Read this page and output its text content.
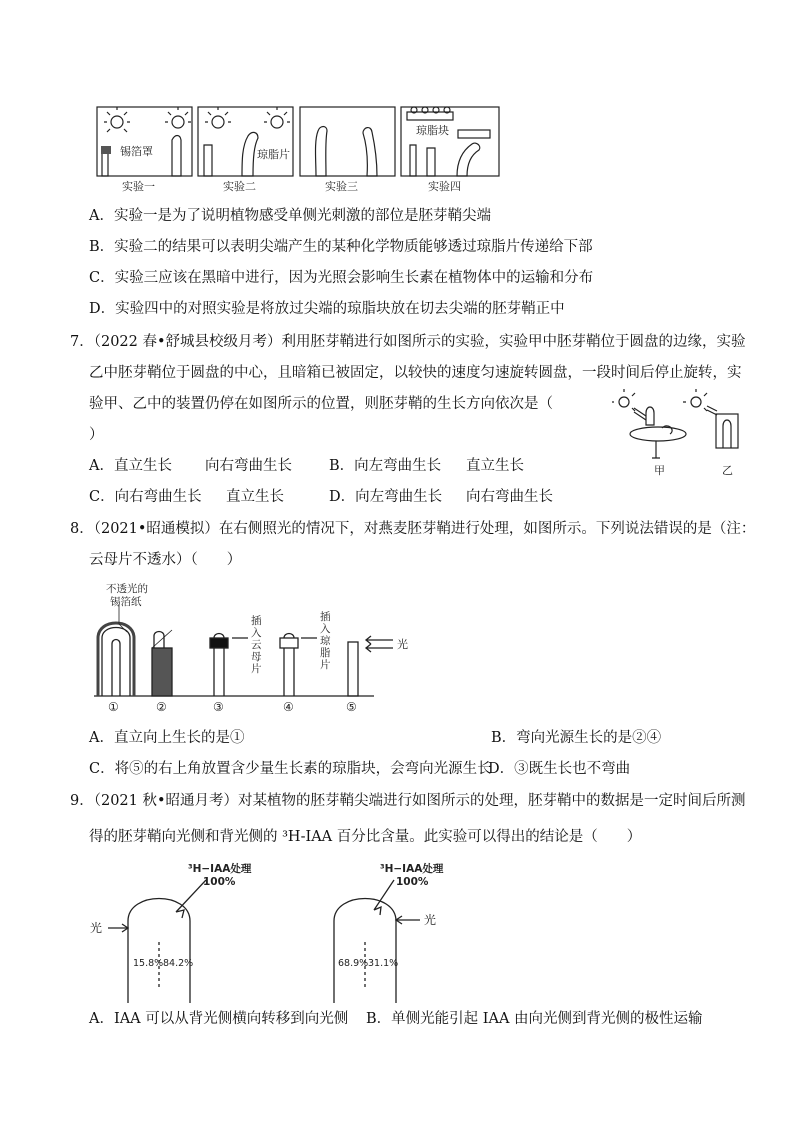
锡箔罩	琼脂片
琼脂块
实验一	实验二	实验三	实验四
A．实验一是为了说明植物感受单侧光刺激的部位是胚芽鞘尖端
B．实验二的结果可以表明尖端产生的某种化学物质能够透过琼脂片传递给下部
C．实验三应该在黑暗中进行，因为光照会影响生长素在植物体中的运输和分布
D．实验四中的对照实验是将放过尖端的琼脂块放在切去尖端的胚芽鞘正中
7．（2022 春•舒城县校级月考）利用胚芽鞘进行如图所示的实验，实验甲中胚芽鞘位于圆盘的边缘，实验
乙中胚芽鞘位于圆盘的中心，且暗箱已被固定，以较快的速度匀速旋转圆盘，一段时间后停止旋转，实
验甲、乙中的装置仍停在如图所示的位置，则胚芽鞘的生长方向依次是（
）
甲	乙
A．直立生长 向右弯曲生长	B．向左弯曲生长 直立生长
C．向右弯曲生长 直立生长	D．向左弯曲生长 向右弯曲生长
8．（2021•昭通模拟）在右侧照光的情况下，对燕麦胚芽鞘进行处理，如图所示。下列说法错误的是（注：
云母片不透水）（　　）
不透光的
锡箔纸
插入云母片
插入琼脂片
光
①	②	③	④	⑤
A．直立向上生长的是①	B．弯向光源生长的是②④
C．将⑤的右上角放置含少量生长素的琼脂块，会弯向光源生长
D．③既生长也不弯曲
9．（2021 秋•昭通月考）对某植物的胚芽鞘尖端进行如图所示的处理，胚芽鞘中的数据是一定时间后所测
得的胚芽鞘向光侧和背光侧的 ³H-IAA 百分比含量。此实验可以得出的结论是（　　）
³H−IAA处理
100%
光
15.8% 84.2%
³H−IAA处理
100%
光
68.9% 31.1%
A．IAA 可以从背光侧横向转移到向光侧 B．单侧光能引起 IAA 由向光侧到背光侧的极性运输
